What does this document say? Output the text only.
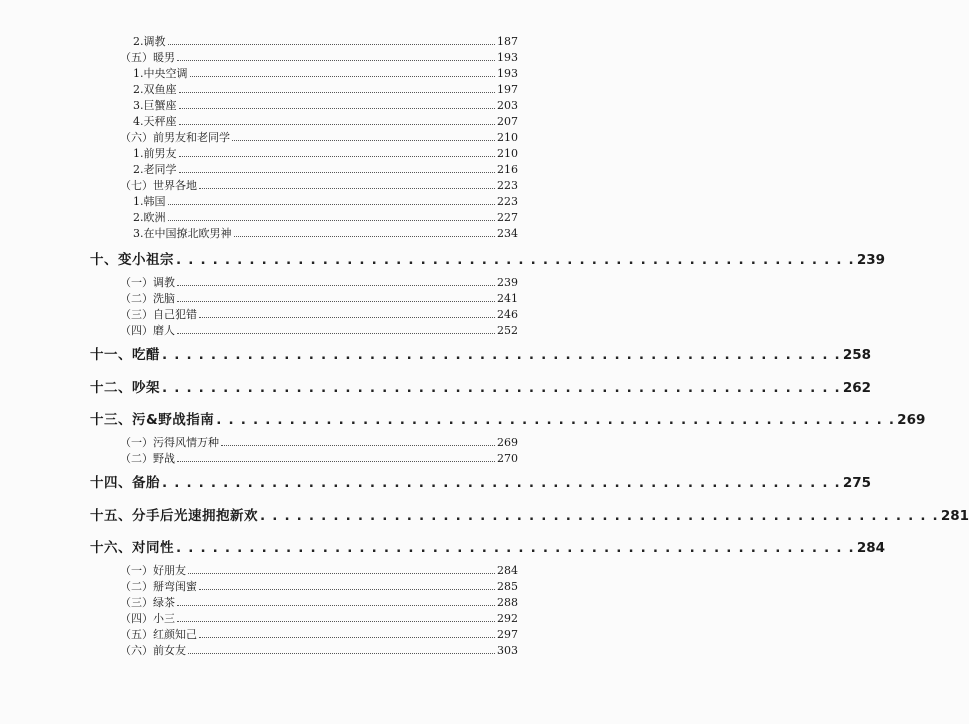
2.调教	187
（五）暖男	193
1.中央空调	193
2.双鱼座	197
3.巨蟹座	203
4.天秤座	207
（六）前男友和老同学	210
1.前男友	210
2.老同学	216
（七）世界各地	223
1.韩国	223
2.欧洲	227
3.在中国撩北欧男神	234
十、变小祖宗 . . . . . . . . . . . . . . . . . . . . . . . . . . . . . . . . . . . . . . . . . . . . . . . . . . . . . . . . 239
（一）调教	239
（二）洗脑	241
（三）自己犯错	246
（四）磨人	252
十一、吃醋 . . . . . . . . . . . . . . . . . . . . . . . . . . . . . . . . . . . . . . . . . . . . . . . . . . . . . . . . 258
十二、吵架 . . . . . . . . . . . . . . . . . . . . . . . . . . . . . . . . . . . . . . . . . . . . . . . . . . . . . . . . 262
十三、污&野战指南 . . . . . . . . . . . . . . . . . . . . . . . . . . . . . . . . . . . . . . . . . . . . . . . . . . . . . . . . 269
（一）污得风情万种	269
（二）野战	270
十四、备胎 . . . . . . . . . . . . . . . . . . . . . . . . . . . . . . . . . . . . . . . . . . . . . . . . . . . . . . . . 275
十五、分手后光速拥抱新欢 . . . . . . . . . . . . . . . . . . . . . . . . . . . . . . . . . . . . . . . . . . . . . . . . . . . . . . . . 281
十六、对同性 . . . . . . . . . . . . . . . . . . . . . . . . . . . . . . . . . . . . . . . . . . . . . . . . . . . . . . . . 284
（一）好朋友	284
（二）掰弯闺蜜	285
（三）绿茶	288
（四）小三	292
（五）红颜知己	297
（六）前女友	303
